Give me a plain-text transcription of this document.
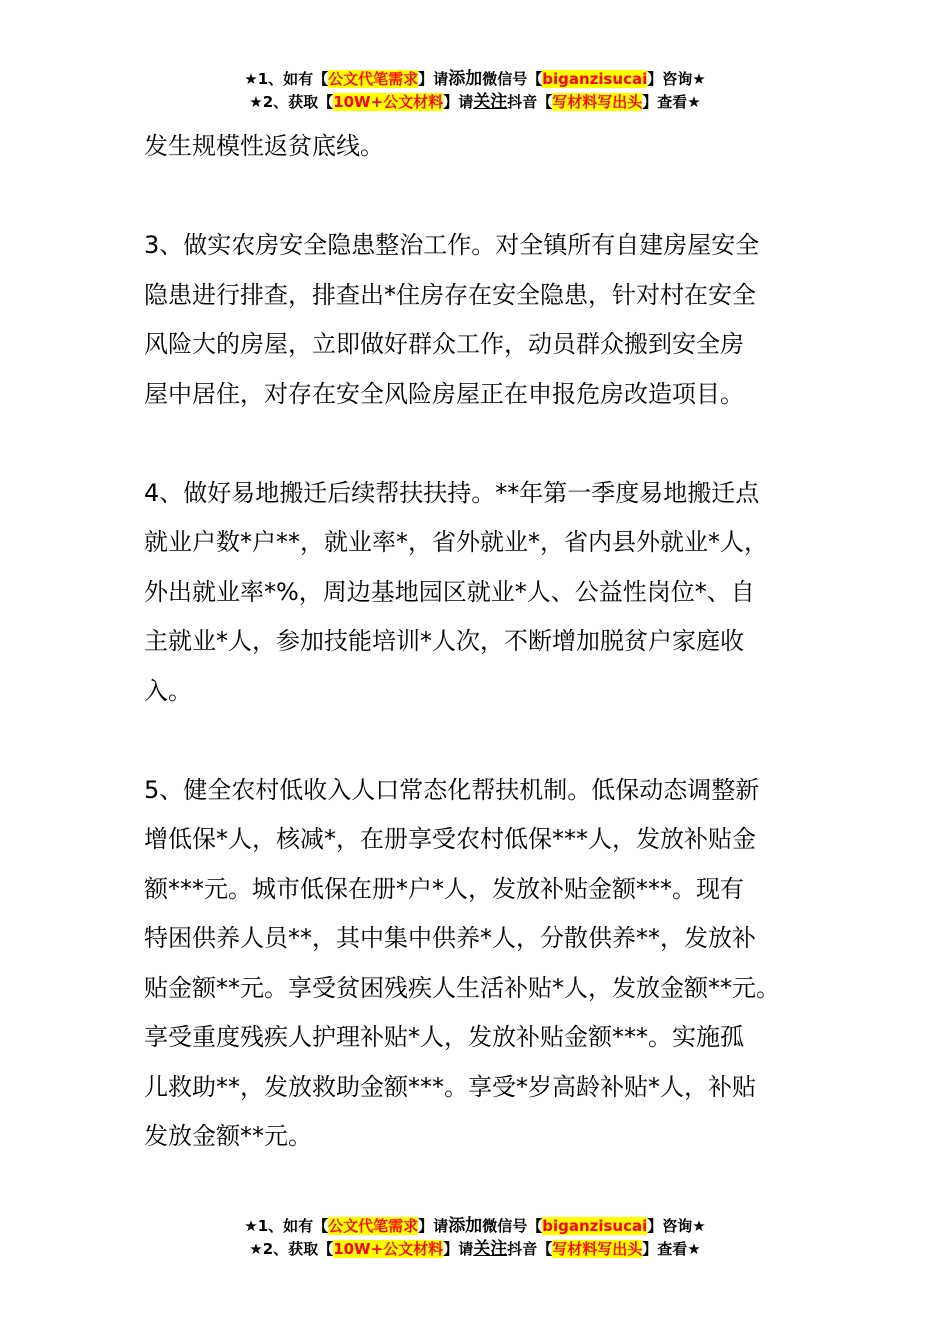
★1、如有【公文代笔需求】请添加微信号【biganzisucai】咨询★
★2、获取【10W+公文材料】请关注抖音【写材料写出头】查看★

发生规模性返贫底线。

3、做实农房安全隐患整治工作。对全镇所有自建房屋安全
隐患进行排查，排查出*住房存在安全隐患，针对村在安全
风险大的房屋，立即做好群众工作，动员群众搬到安全房
屋中居住，对存在安全风险房屋正在申报危房改造项目。

4、做好易地搬迁后续帮扶扶持。**年第一季度易地搬迁点
就业户数*户**，就业率*，省外就业*，省内县外就业*人，
外出就业率*%，周边基地园区就业*人、公益性岗位*、自
主就业*人，参加技能培训*人次，不断增加脱贫户家庭收
入。

5、健全农村低收入人口常态化帮扶机制。低保动态调整新
增低保*人，核减*，在册享受农村低保***人，发放补贴金
额***元。城市低保在册*户*人，发放补贴金额***。现有
特困供养人员**，其中集中供养*人，分散供养**，发放补
贴金额**元。享受贫困残疾人生活补贴*人，发放金额**元。
享受重度残疾人护理补贴*人，发放补贴金额***。实施孤
儿救助**，发放救助金额***。享受*岁高龄补贴*人，补贴
发放金额**元。

★1、如有【公文代笔需求】请添加微信号【biganzisucai】咨询★
★2、获取【10W+公文材料】请关注抖音【写材料写出头】查看★
